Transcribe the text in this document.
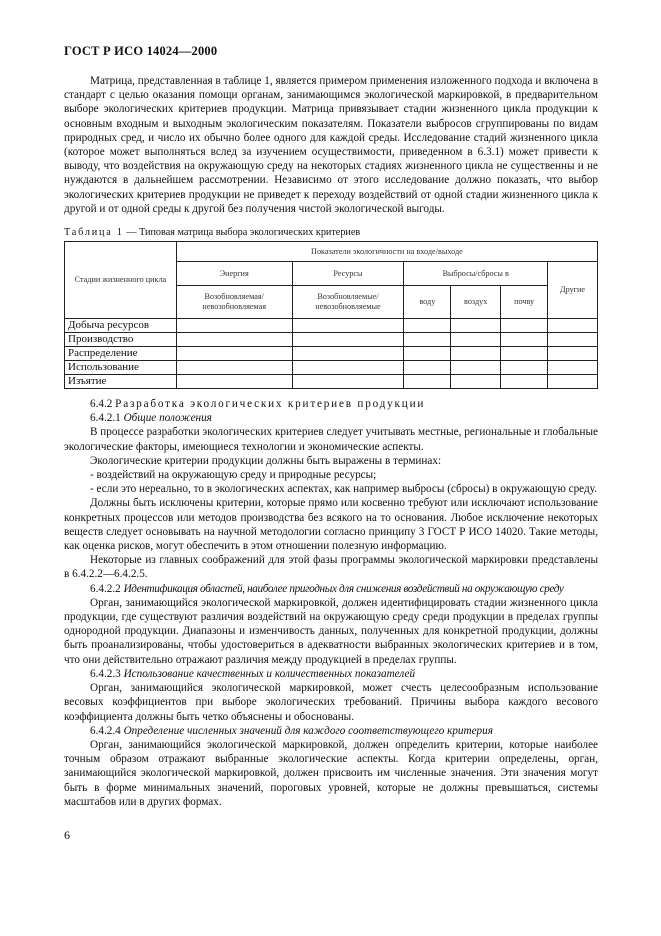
ГОСТ Р ИСО 14024—2000

Матрица, представленная в таблице 1, является примером применения изложенного подхода и включена в стандарт с целью оказания помощи органам, занимающимся экологической маркировкой, в предварительном выборе экологических критериев продукции. Матрица привязывает стадии жизненного цикла продукции к основным входным и выходным экологическим показателям. Показатели выбросов сгруппированы по видам природных сред, и число их обычно более одного для каждой среды. Исследование стадий жизненного цикла (которое может выполняться вслед за изучением осуществимости, приведенном в 6.3.1) может привести к выводу, что воздействия на окружающую среду на некоторых стадиях жизненного цикла не существенны и не нуждаются в дальнейшем рассмотрении. Независимо от этого исследование должно показать, что выбор экологических критериев продукции не приведет к переходу воздействий от одной стадии жизненного цикла к другой и от одной среды к другой без получения чистой экологической выгоды.

Таблица 1 — Типовая матрица выбора экологических критериев
Стадии жизненного цикла	Показатели экологичности на входе/выходе					
	Энергия	Ресурсы	Выбросы/сбросы в			Другие
	Возобновляемая/ невозобновляемая	Возобновляемые/ невозобновляемые	воду	воздух	почву	
Добыча ресурсов						
Производство						
Распределение						
Использование						
Изъятие						

6.4.2 Разработка экологических критериев продукции

6.4.2.1 Общие положения

В процессе разработки экологических критериев следует учитывать местные, региональные и глобальные экологические факторы, имеющиеся технологии и экономические аспекты.

Экологические критерии продукции должны быть выражены в терминах:

- воздействий на окружающую среду и природные ресурсы;

- если это нереально, то в экологических аспектах, как например выбросы (сбросы) в окружающую среду.

Должны быть исключены критерии, которые прямо или косвенно требуют или исключают использование конкретных процессов или методов производства без всякого на то основания. Любое исключение некоторых веществ следует основывать на научной методологии согласно принципу 3 ГОСТ Р ИСО 14020. Такие методы, как оценка рисков, могут обеспечить в этом отношении полезную информацию.

Некоторые из главных соображений для этой фазы программы экологической маркировки представлены в 6.4.2.2—6.4.2.5.

6.4.2.2 Идентификация областей, наиболее пригодных для снижения воздействий на окружающую среду

Орган, занимающийся экологической маркировкой, должен идентифицировать стадии жизненного цикла продукции, где существуют различия воздействий на окружающую среду среди продукции в пределах группы однородной продукции. Диапазоны и изменчивость данных, полученных для конкретной продукции, должны быть проанализированы, чтобы удостовериться в адекватности выбранных экологических критериев и в том, что они действительно отражают различия между продукцией в пределах группы.

6.4.2.3 Использование качественных и количественных показателей

Орган, занимающийся экологической маркировкой, может счесть целесообразным использование весовых коэффициентов при выборе экологических требований. Причины выбора каждого весового коэффициента должны быть четко объяснены и обоснованы.

6.4.2.4 Определение численных значений для каждого соответствующего критерия

Орган, занимающийся экологической маркировкой, должен определить критерии, которые наиболее точным образом отражают выбранные экологические аспекты. Когда критерии определены, орган, занимающийся экологической маркировкой, должен присвоить им численные значения. Эти значения могут быть в форме минимальных значений, пороговых уровней, которые не должны превышаться, системы масштабов или в других формах.

6
